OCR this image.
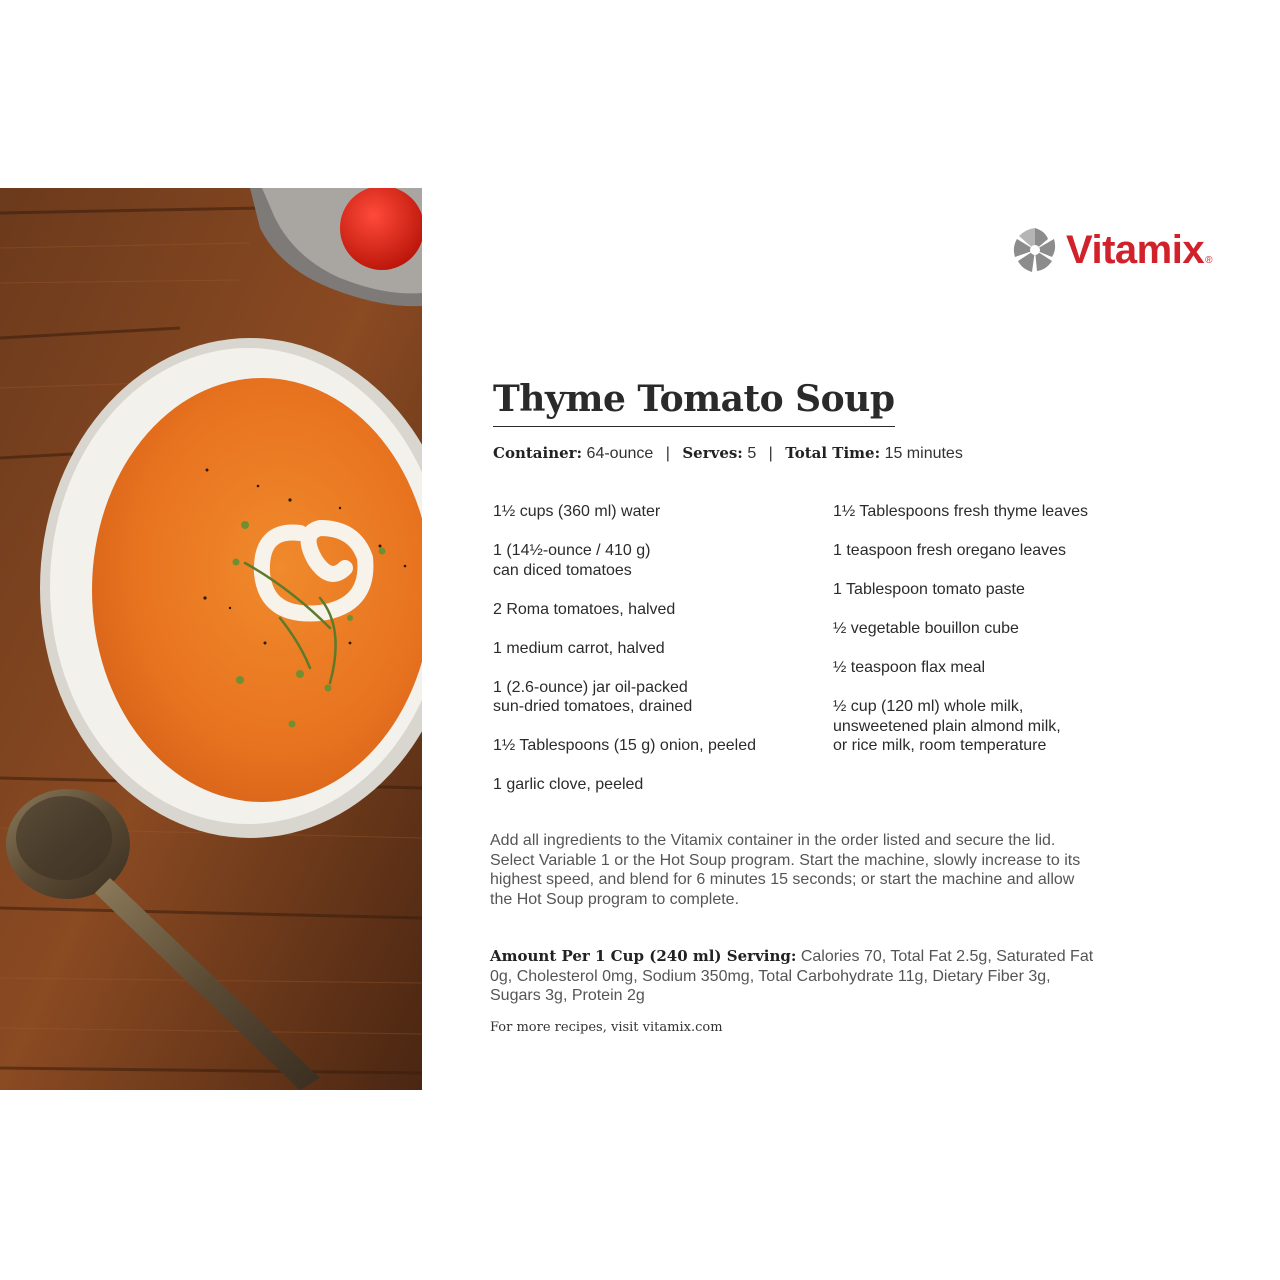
Vitamix ®
Thyme Tomato Soup
Container: 64-ounce | Serves: 5 | Total Time: 15 minutes
1½ cups (360 ml) water
1 (14½-ounce / 410 g)
can diced tomatoes
2 Roma tomatoes, halved
1 medium carrot, halved
1 (2.6-ounce) jar oil-packed
sun-dried tomatoes, drained
1½ Tablespoons (15 g) onion, peeled
1 garlic clove, peeled
1½ Tablespoons fresh thyme leaves
1 teaspoon fresh oregano leaves
1 Tablespoon tomato paste
½ vegetable bouillon cube
½ teaspoon flax meal
½ cup (120 ml) whole milk,
unsweetened plain almond milk,
or rice milk, room temperature
Add all ingredients to the Vitamix container in the order listed and secure the lid. Select Variable 1 or the Hot Soup program. Start the machine, slowly increase to its highest speed, and blend for 6 minutes 15 seconds; or start the machine and allow the Hot Soup program to complete.
Amount Per 1 Cup (240 ml) Serving: Calories 70, Total Fat 2.5g, Saturated Fat 0g, Cholesterol 0mg, Sodium 350mg, Total Carbohydrate 11g, Dietary Fiber 3g, Sugars 3g, Protein 2g
For more recipes, visit vitamix.com
